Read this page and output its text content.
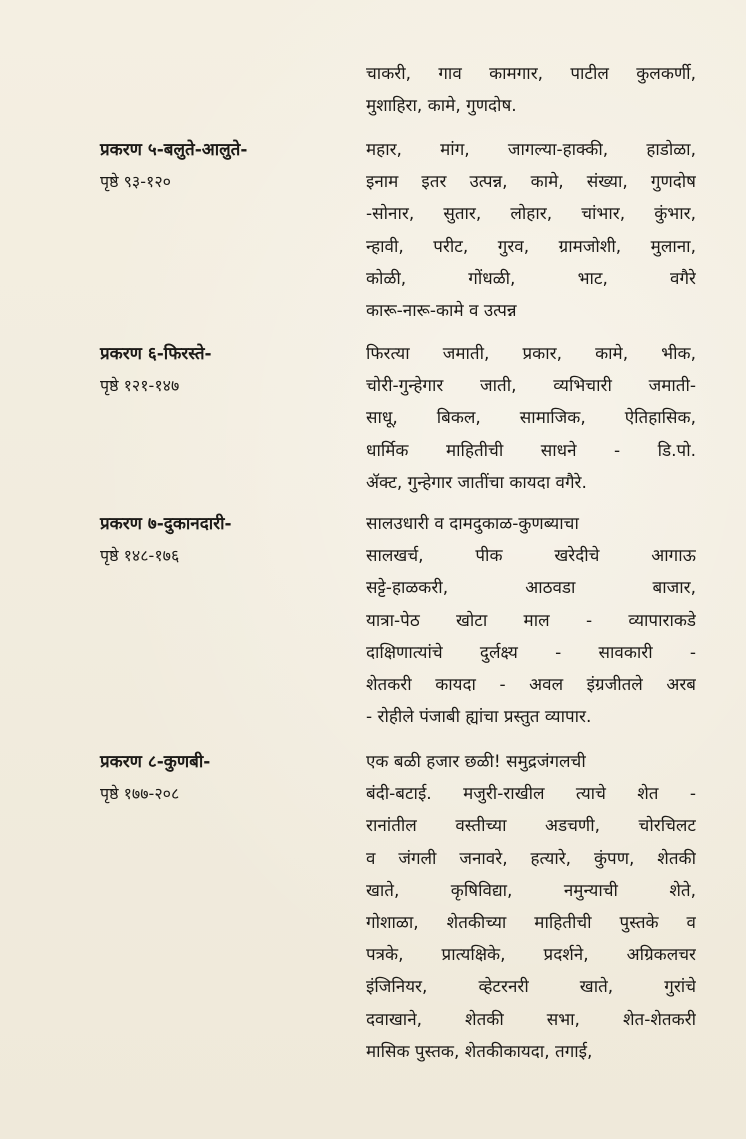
चाकरी, गाव कामगार, पाटील कुलकर्णी,
मुशाहिरा, कामे, गुणदोष.
प्रकरण ५-बलुते-आलुते-
पृष्ठे ९३-१२०
महार, मांग, जागल्या-हाक्की, हाडोळा,
इनाम इतर उत्पन्न, कामे, संख्या, गुणदोष
-सोनार, सुतार, लोहार, चांभार, कुंभार,
न्हावी, परीट, गुरव, ग्रामजोशी, मुलाना,
कोळी, गोंधळी, भाट, वगैरे
कारू-नारू-कामे व उत्पन्न
प्रकरण ६-फिरस्ते-
पृष्ठे १२१-१४७
फिरत्या जमाती, प्रकार, कामे, भीक,
चोरी-गुन्हेगार जाती, व्यभिचारी जमाती-
साधू, बिकल, सामाजिक, ऐतिहासिक,
धार्मिक माहितीची साधने - डि.पो.
ॲक्ट, गुन्हेगार जातींचा कायदा वगैरे.
प्रकरण ७-दुकानदारी-
पृष्ठे १४८-१७६
सालउधारी व दामदुकाळ-कुणब्याचा
सालखर्च, पीक खरेदीचे आगाऊ
सट्टे-हाळकरी, आठवडा बाजार,
यात्रा-पेठ खोटा माल - व्यापाराकडे
दाक्षिणात्यांचे दुर्लक्ष्य - सावकारी -
शेतकरी कायदा - अवल इंग्रजीतले अरब
- रोहीले पंजाबी ह्यांचा प्रस्तुत व्यापार.
प्रकरण ८-कुणबी-
पृष्ठे १७७-२०८
एक बळी हजार छळी! समुद्रजंगलची
बंदी-बटाई. मजुरी-राखील त्याचे शेत -
रानांतील वस्तीच्या अडचणी, चोरचिलट
व जंगली जनावरे, हत्यारे, कुंपण, शेतकी
खाते, कृषिविद्या, नमुन्याची शेते,
गोशाळा, शेतकीच्या माहितीची पुस्तके व
पत्रके, प्रात्यक्षिके, प्रदर्शने, अग्रिकलचर
इंजिनियर, व्हेटरनरी खाते, गुरांचे
दवाखाने, शेतकी सभा, शेत-शेतकरी
मासिक पुस्तक, शेतकीकायदा, तगाई,
